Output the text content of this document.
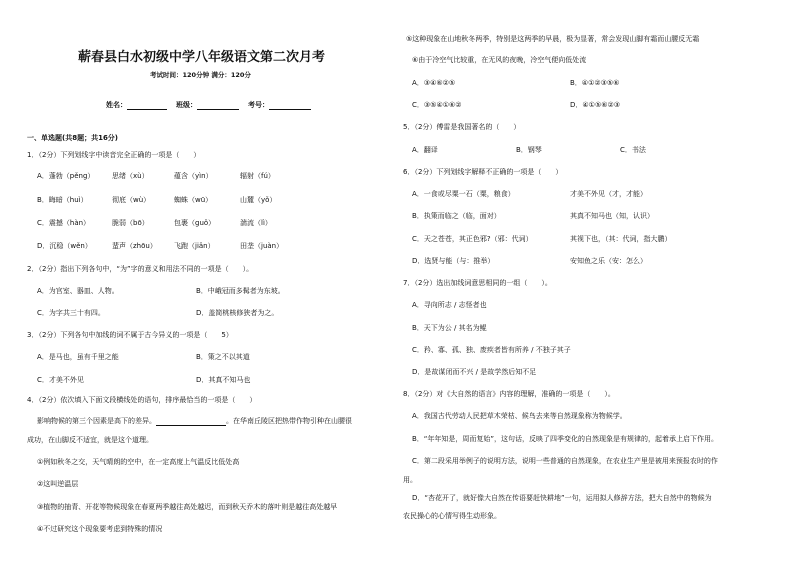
蕲春县白水初级中学八年级语文第二次月考
考试时间：120分钟 满分：120分
姓名：	班级：	考号：
一、单选题(共8题；共16分)
1．（2分）下列划线字中读音完全正确的一项是（　　）
A．蓬勃（pěng）	思绪（xù）	蕴含（yìn）	辐射（fú）
B．晦暗（huì）	彻底（wù）	蜘蛛（wū）	山麓（yǒ）
C．震撼（hàn）	脆弱（bō）	包裹（guǒ）	湍流（lì）
D．沉稳（wěn）	蜚声（zhōu） 飞跑（jiǎn）	田垄（juàn）
2．（2分）指出下列各句中，“为”字的意义和用法不同的一项是（　　）。
A．为宫室、器皿、人物。	B．中峨冠而多髯者为东坡。
C．为字共三十有四。	D．盖简桃核修狭者为之。
3．（2分）下列各句中加线的词不属于古今异义的一项是（　　5）
A．是马也，虽有千里之能	B．策之不以其道
C．才美不外见	D．其真不知马也
4．（2分）依次填入下面文段横线处的语句，排序最恰当的一项是（　　）
影响物候的第三个因素是高下的差异。	。在华南丘陵区把热带作物引种在山腰很
成功，在山脚反不适宜，就是这个道理。
①例如秋冬之交，天气晴朗的空中，在一定高度上气温反比低处高
②这叫逆温层
③植物的抽青、开花等物候现象在春夏两季越往高处越迟，而到秋天乔木的落叶则是越往高处越早
④不过研究这个现象要考虑到特殊的情况
⑤这种现象在山地秋冬两季，特别是这两季的早晨，极为显著，常会发现山脚有霜而山腰反无霜
⑥由于冷空气比较重，在无风的夜晚，冷空气便向低处流
A．③④⑥②⑤	B．④①②③⑤⑥
C．③⑤④①⑥②	D．④①⑤⑥②③
5．（2分）傅雷是我国著名的（　　）
A．翻译	B．钢琴	C．书法
6．（2分）下列划线字解释不正确的一项是（　　）
A．一食或尽粟一石（粟，粮食）	才美不外见（才，才能）
B．执策而临之（临，面对）	其真不知马也（知，认识）
C．天之苍苍，其正色邪?（邪：代词）	其视下也，（其：代词，指大鹏）
D．选贤与能（与：推举）	安知鱼之乐（安：怎么）
7．（2分）选出加线词意思相同的一组（　　）。
A．寻向所志 / 志怪者也
B．天下为公 / 其名为鲲
C．矜、寡、孤、独、废疾者皆有所养 / 不独子其子
D．是故谋闭而不兴 / 是故学然后知不足
8．（2分）对《大自然的语言》内容的理解，准确的一项是（　　）。
A．我国古代劳动人民把草木荣枯、候鸟去来等自然现象称为物候学。
B．“年年知是，周而复始”，这句话，反映了四季变化的自然现象是有规律的，起着承上启下作用。
C．第二段采用举例子的说明方法，说明一些普通的自然现象，在农业生产里是被用来预报农时的作
用。
D．“杏花开了，就好像大自然在传语要赶快耕地”一句，运用拟人修辞方法，把大自然中的物候为
农民操心的心情写得生动形象。
